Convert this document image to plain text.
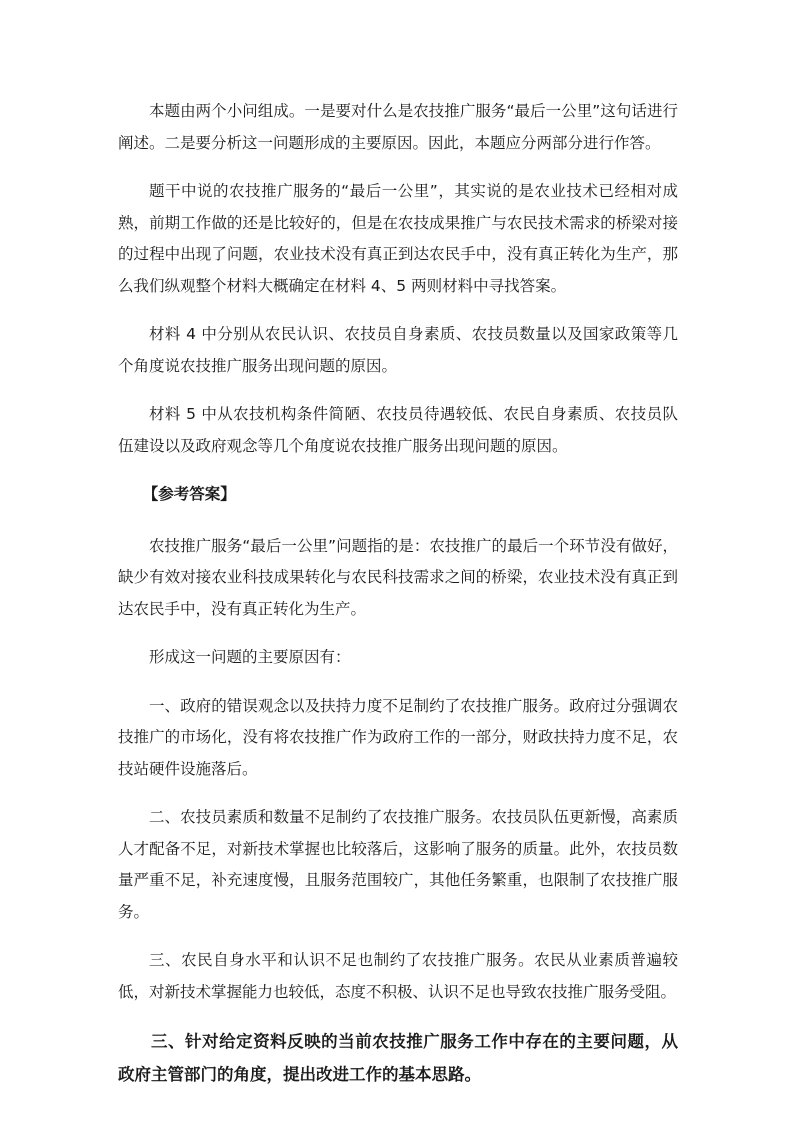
本题由两个小问组成。一是要对什么是农技推广服务“最后一公里”这句话进行阐述。二是要分析这一问题形成的主要原因。因此，本题应分两部分进行作答。

题干中说的农技推广服务的“最后一公里”，其实说的是农业技术已经相对成熟，前期工作做的还是比较好的，但是在农技成果推广与农民技术需求的桥梁对接的过程中出现了问题，农业技术没有真正到达农民手中，没有真正转化为生产，那么我们纵观整个材料大概确定在材料 4、5 两则材料中寻找答案。

材料 4 中分别从农民认识、农技员自身素质、农技员数量以及国家政策等几个角度说农技推广服务出现问题的原因。

材料 5 中从农技机构条件简陋、农技员待遇较低、农民自身素质、农技员队伍建设以及政府观念等几个角度说农技推广服务出现问题的原因。

【参考答案】

农技推广服务“最后一公里”问题指的是：农技推广的最后一个环节没有做好，缺少有效对接农业科技成果转化与农民科技需求之间的桥梁，农业技术没有真正到达农民手中，没有真正转化为生产。

形成这一问题的主要原因有：

一、政府的错误观念以及扶持力度不足制约了农技推广服务。政府过分强调农技推广的市场化，没有将农技推广作为政府工作的一部分，财政扶持力度不足，农技站硬件设施落后。

二、农技员素质和数量不足制约了农技推广服务。农技员队伍更新慢，高素质人才配备不足，对新技术掌握也比较落后，这影响了服务的质量。此外，农技员数量严重不足，补充速度慢，且服务范围较广，其他任务繁重，也限制了农技推广服务。

三、农民自身水平和认识不足也制约了农技推广服务。农民从业素质普遍较低，对新技术掌握能力也较低，态度不积极、认识不足也导致农技推广服务受阻。

三、针对给定资料反映的当前农技推广服务工作中存在的主要问题，从政府主管部门的角度，提出改进工作的基本思路。
